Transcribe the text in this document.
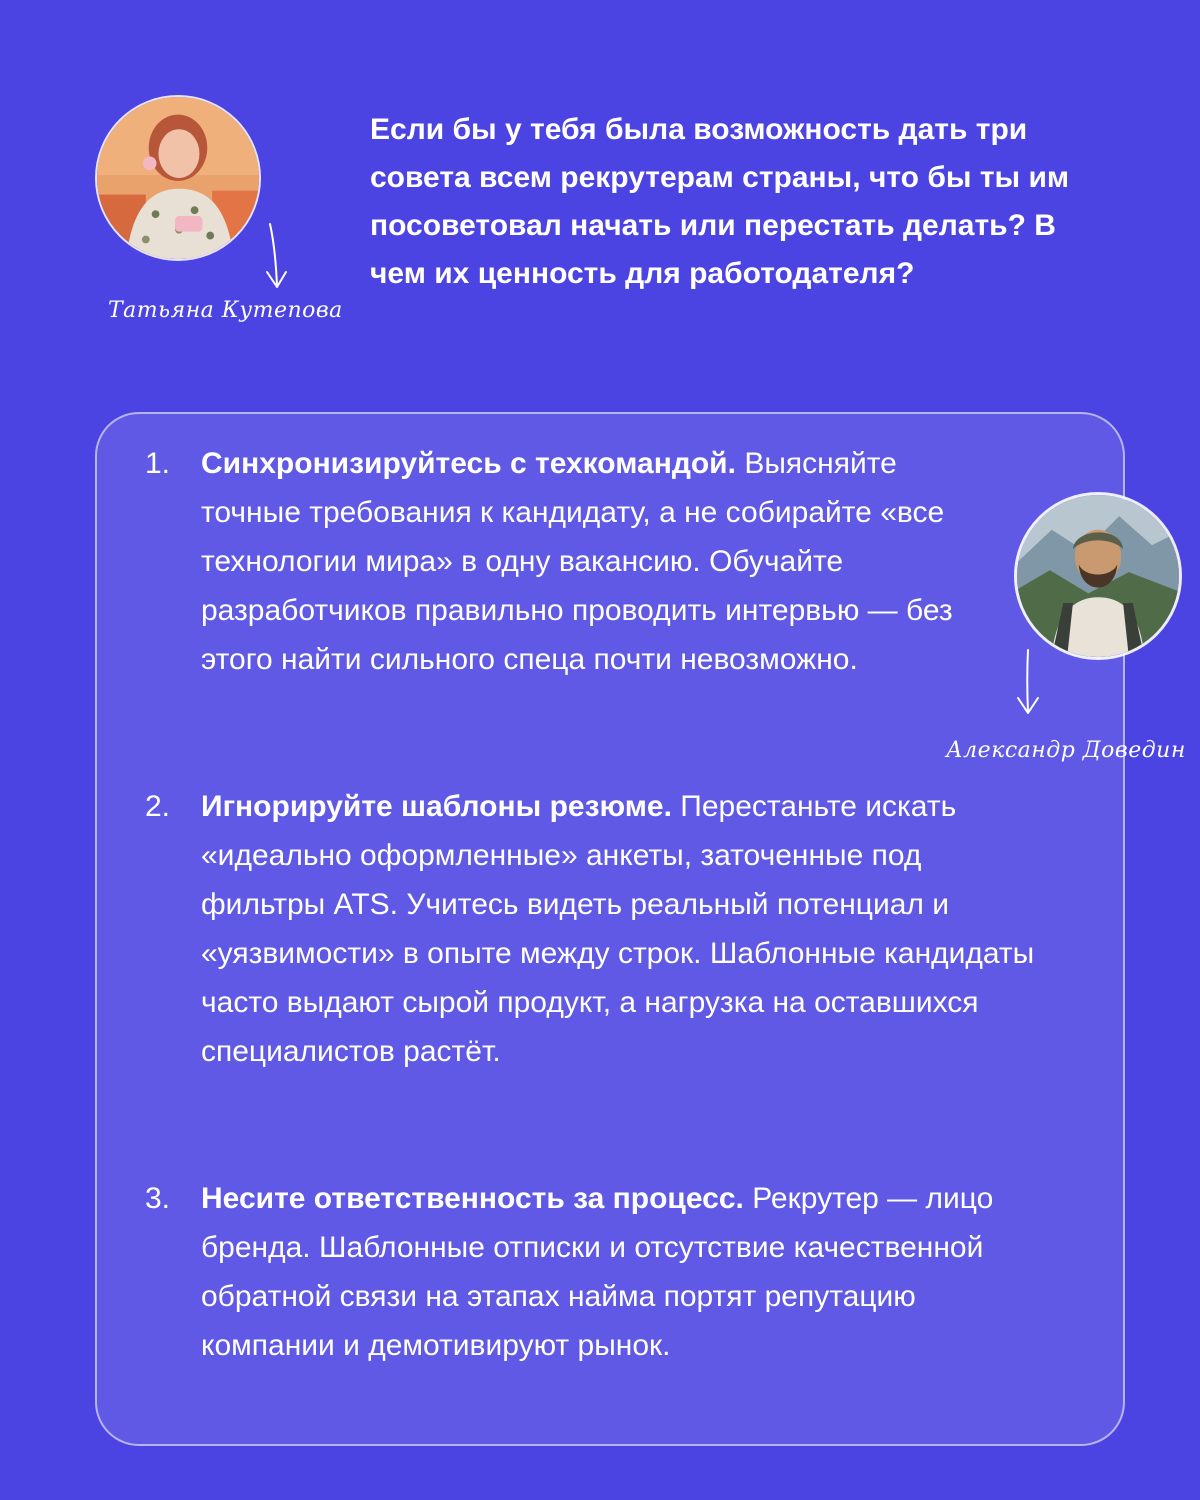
Татьяна Кутепова

Если бы у тебя была возможность дать три совета всем рекрутерам страны, что бы ты им посоветовал начать или перестать делать? В чем их ценность для работодателя?

1.	Синхронизируйтесь с техкомандой. Выясняйте точные требования к кандидату, а не собирайте «все технологии мира» в одну вакансию. Обучайте разработчиков правильно проводить интервью — без этого найти сильного спеца почти невозможно.
2.	Игнорируйте шаблоны резюме. Перестаньте искать «идеально оформленные» анкеты, заточенные под фильтры ATS. Учитесь видеть реальный потенциал и «уязвимости» в опыте между строк. Шаблонные кандидаты часто выдают сырой продукт, а нагрузка на оставшихся специалистов растёт.
3.	Несите ответственность за процесс. Рекрутер — лицо бренда. Шаблонные отписки и отсутствие качественной обратной связи на этапах найма портят репутацию компании и демотивируют рынок.
Александр Доведин
